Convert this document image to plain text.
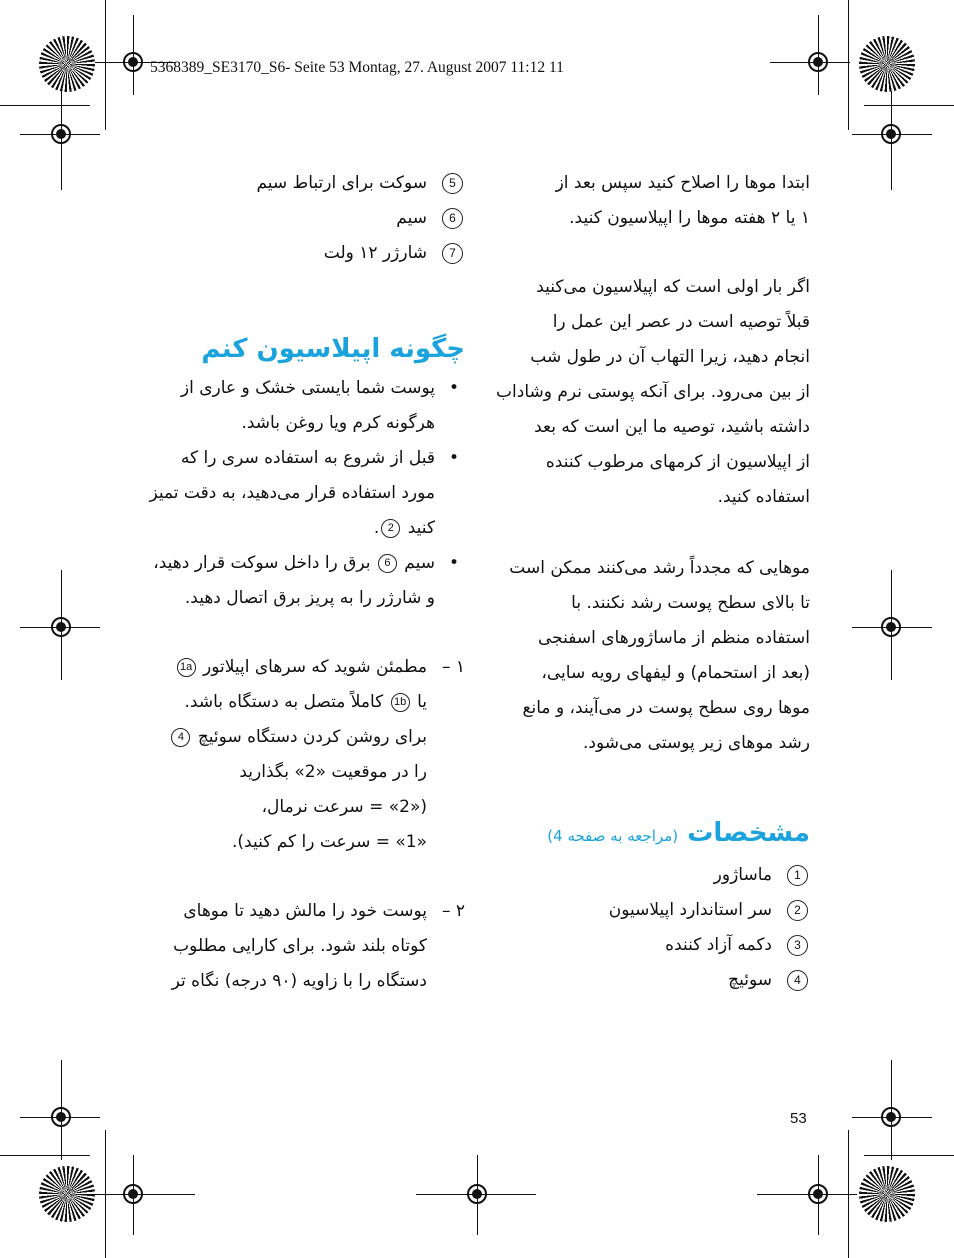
5368389_SE3170_S6- Seite 53 Montag, 27. August 2007 11:12 11

ابتدا موها را اصلاح کنید سپس بعد از
۱ یا ۲ هفته موها را اپیلاسیون کنید.

اگر بار اولی است که اپیلاسیون می‌کنید
قبلاً توصیه است در عصر این عمل را
انجام دهید، زیرا التهاب آن در طول شب
از بین می‌رود. برای آنکه پوستی نرم وشاداب
داشته باشید، توصیه ما این است که بعد
از اپیلاسیون از کرمهای مرطوب کننده
استفاده کنید.

موهایی که مجدداً رشد می‌کنند ممکن است
تا بالای سطح پوست رشد نکنند. با
استفاده منظم از ماساژورهای اسفنجی
(بعد از استحمام) و لیفهای رویه سایی،
موها روی سطح پوست در می‌آیند، و مانع
رشد موهای زیر پوستی می‌شود.

مشخصات (مراجعه به صفحه 4)

1
ماساژور
2
سر استاندارد اپیلاسیون
3
دکمه آزاد کننده
4
سوئیچ
5
سوکت برای ارتباط سیم
6
سیم
7
شارژر ۱۲ ولت

چگونه اپیلاسیون کنم

•
پوست شما بایستی خشک و عاری از
هرگونه کرم ویا روغن باشد.
•
قبل از شروع به استفاده سری را که
مورد استفاده قرار می‌دهید، به دقت تمیز
کنید 2.
•
سیم 6 برق را داخل سوکت قرار دهید،
و شارژر را به پریز برق اتصال دهید.
۱ –
مطمئن شوید که سرهای اپیلاتور 1a
یا 1b کاملاً متصل به دستگاه باشد.
برای روشن کردن دستگاه سوئیچ 4
را در موقعیت «2» بگذارید
(«2» = سرعت نرمال،
«1» = سرعت را کم کنید).
۲ –
پوست خود را مالش دهید تا موهای
کوتاه بلند شود. برای کارایی مطلوب
دستگاه را با زاویه (۹۰ درجه) نگاه تر
53
